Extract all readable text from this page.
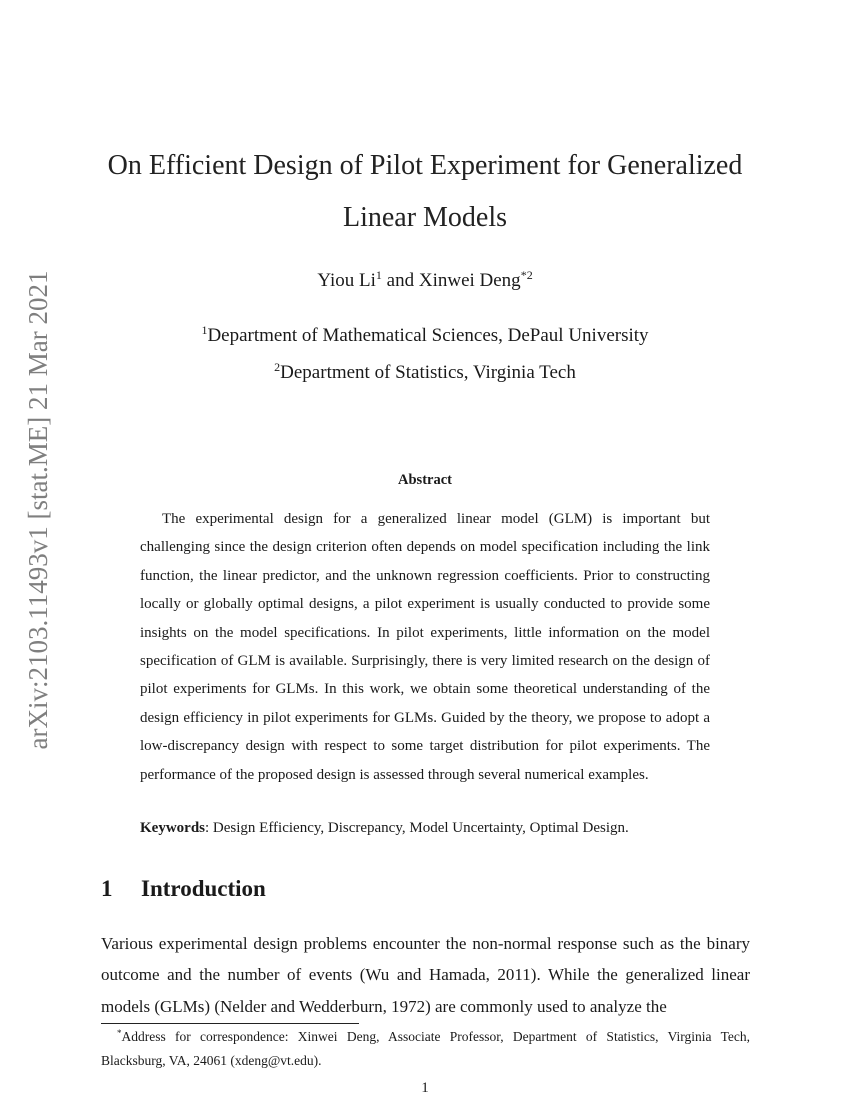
arXiv:2103.11493v1 [stat.ME] 21 Mar 2021
On Efficient Design of Pilot Experiment for Generalized Linear Models
Yiou Li$^1$ and Xinwei Deng$^{*2}$
$^1$Department of Mathematical Sciences, DePaul University
$^2$Department of Statistics, Virginia Tech
Abstract
The experimental design for a generalized linear model (GLM) is important but challenging since the design criterion often depends on model specification including the link function, the linear predictor, and the unknown regression coefficients. Prior to constructing locally or globally optimal designs, a pilot experiment is usually conducted to provide some insights on the model specifications. In pilot experiments, little information on the model specification of GLM is available. Surprisingly, there is very limited research on the design of pilot experiments for GLMs. In this work, we obtain some theoretical understanding of the design efficiency in pilot experiments for GLMs. Guided by the theory, we propose to adopt a low-discrepancy design with respect to some target distribution for pilot experiments. The performance of the proposed design is assessed through several numerical examples.
Keywords: Design Efficiency, Discrepancy, Model Uncertainty, Optimal Design.
1 Introduction
Various experimental design problems encounter the non-normal response such as the binary outcome and the number of events (Wu and Hamada, 2011). While the generalized linear models (GLMs) (Nelder and Wedderburn, 1972) are commonly used to analyze the
*Address for correspondence: Xinwei Deng, Associate Professor, Department of Statistics, Virginia Tech, Blacksburg, VA, 24061 (xdeng@vt.edu).
1
